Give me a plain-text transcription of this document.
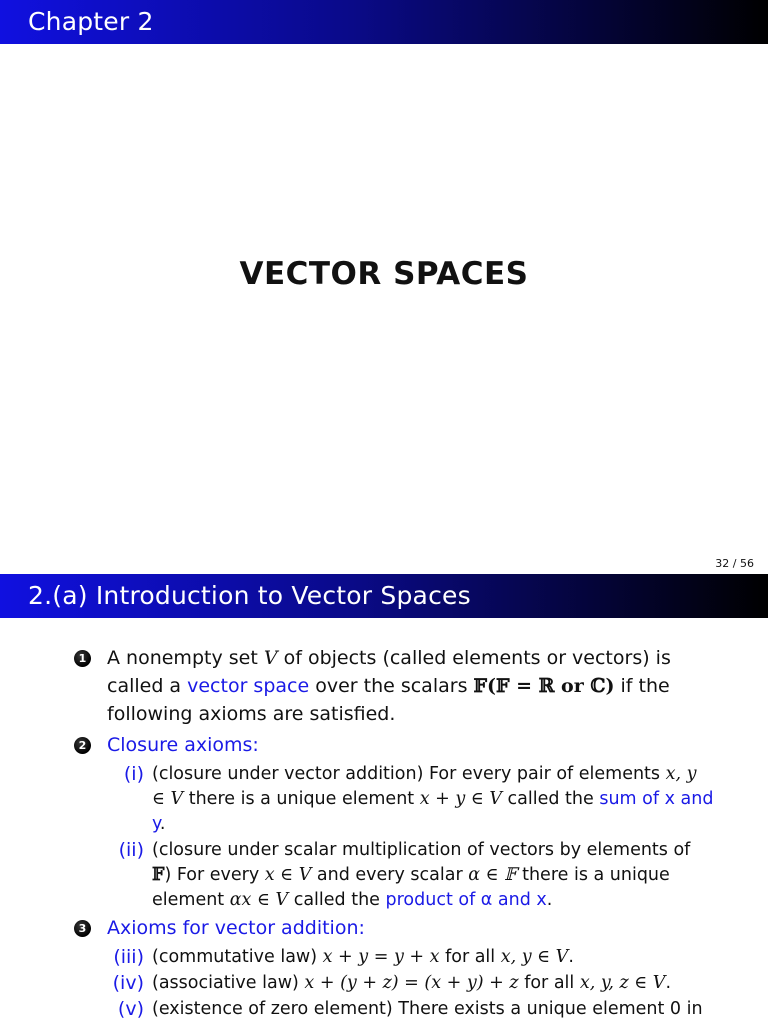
Chapter 2
VECTOR SPACES
32 / 56
2.(a) Introduction to Vector Spaces
1 A nonempty set V of objects (called elements or vectors) is called a vector space over the scalars 𝔽(𝔽 = ℝ or ℂ) if the following axioms are satisfied.
2 Closure axioms:
(i) (closure under vector addition) For every pair of elements x, y ∈ V there is a unique element x + y ∈ V called the sum of x and y.
(ii) (closure under scalar multiplication of vectors by elements of 𝔽) For every x ∈ V and every scalar α ∈ 𝔽 there is a unique element αx ∈ V called the product of α and x.
3 Axioms for vector addition:
(iii) (commutative law) x + y = y + x for all x, y ∈ V.
(iv) (associative law) x + (y + z) = (x + y) + z for all x, y, z ∈ V.
(v) (existence of zero element) There exists a unique element 0 in
